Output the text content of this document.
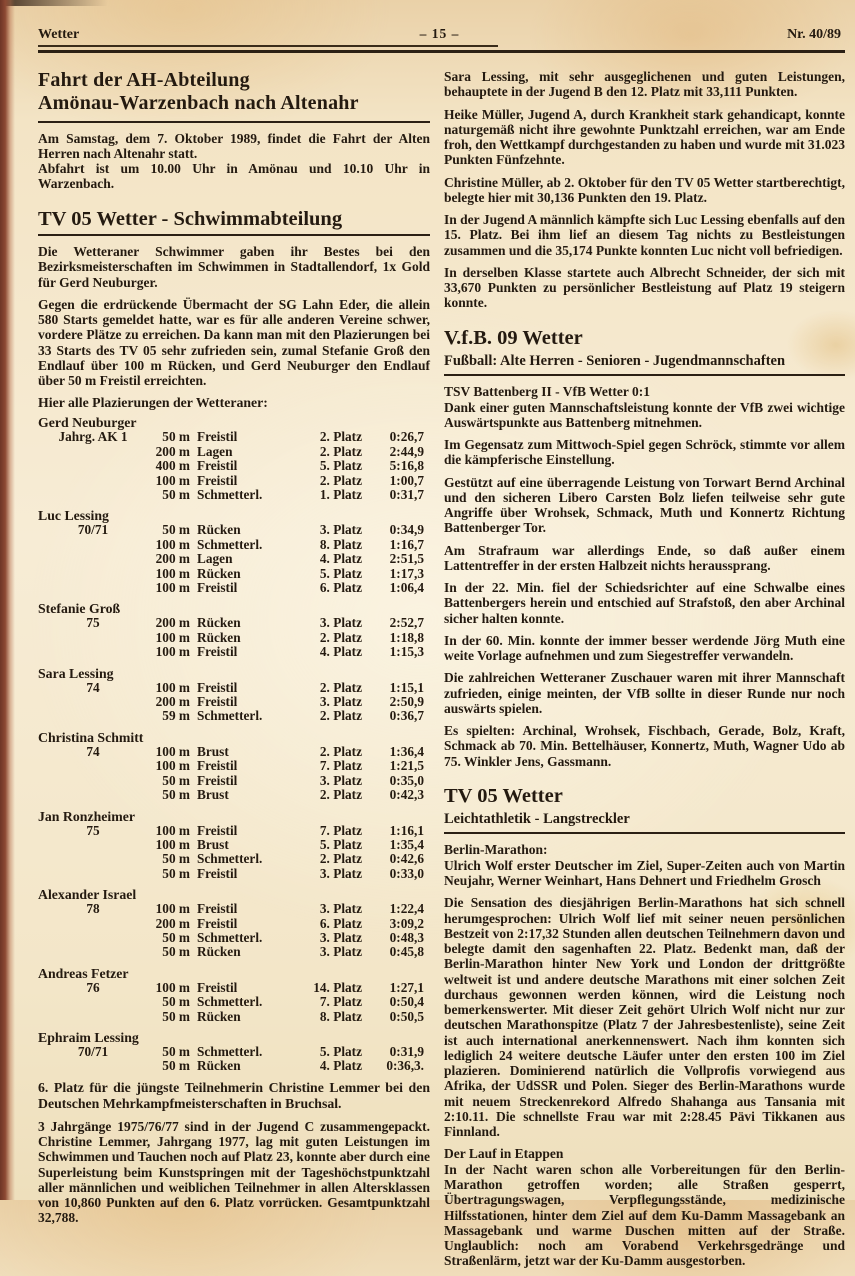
Wetter	– 15 –	Nr. 40/89
Fahrt der AH-Abteilung
Amönau-Warzenbach nach Altenahr

Am Samstag, dem 7. Oktober 1989, findet die Fahrt der Alten Herren nach Altenahr statt.

Abfahrt ist um 10.00 Uhr in Amönau und 10.10 Uhr in Warzenbach.

TV 05 Wetter - Schwimmabteilung

Die Wetteraner Schwimmer gaben ihr Bestes bei den Bezirksmeisterschaften im Schwimmen in Stadtallendorf, 1x Gold für Gerd Neuburger.

Gegen die erdrückende Übermacht der SG Lahn Eder, die allein 580 Starts gemeldet hatte, war es für alle anderen Vereine schwer, vordere Plätze zu erreichen. Da kann man mit den Plazierungen bei 33 Starts des TV 05 sehr zufrieden sein, zumal Stefanie Groß den Endlauf über 100 m Rücken, und Gerd Neuburger den Endlauf über 50 m Freistil erreichten.

Hier alle Plazierungen der Wetteraner:
Gerd Neuburger
Jahrg. AK 1	50 m Freistil	2. Platz	0:26,7
200 m Lagen	2. Platz	2:44,9
400 m Freistil	5. Platz	5:16,8
100 m Freistil	2. Platz	1:00,7
50 m Schmetterl.	1. Platz	0:31,7
Luc Lessing
70/71	50 m Rücken	3. Platz	0:34,9
100 m Schmetterl.	8. Platz	1:16,7
200 m Lagen	4. Platz	2:51,5
100 m Rücken	5. Platz	1:17,3
100 m Freistil	6. Platz	1:06,4
Stefanie Groß
75	200 m Rücken	3. Platz	2:52,7
100 m Rücken	2. Platz	1:18,8
100 m Freistil	4. Platz	1:15,3
Sara Lessing
74	100 m Freistil	2. Platz	1:15,1
200 m Freistil	3. Platz	2:50,9
59 m Schmetterl.	2. Platz	0:36,7
Christina Schmitt
74	100 m Brust	2. Platz	1:36,4
100 m Freistil	7. Platz	1:21,5
50 m Freistil	3. Platz	0:35,0
50 m Brust	2. Platz	0:42,3
Jan Ronzheimer
75	100 m Freistil	7. Platz	1:16,1
100 m Brust	5. Platz	1:35,4
50 m Schmetterl.	2. Platz	0:42,6
50 m Freistil	3. Platz	0:33,0
Alexander Israel
78	100 m Freistil	3. Platz	1:22,4
200 m Freistil	6. Platz	3:09,2
50 m Schmetterl.	3. Platz	0:48,3
50 m Rücken	3. Platz	0:45,8
Andreas Fetzer
76	100 m Freistil	14. Platz	1:27,1
50 m Schmetterl.	7. Platz	0:50,4
50 m Rücken	8. Platz	0:50,5
Ephraim Lessing
70/71	50 m Schmetterl.	5. Platz	0:31,9
50 m Rücken	4. Platz	0:36,3.
6. Platz für die jüngste Teilnehmerin Christine Lemmer bei den Deutschen Mehrkampfmeisterschaften in Bruchsal.

3 Jahrgänge 1975/76/77 sind in der Jugend C zusammengepackt. Christine Lemmer, Jahrgang 1977, lag mit guten Leistungen im Schwimmen und Tauchen noch auf Platz 23, konnte aber durch eine Superleistung beim Kunstspringen mit der Tageshöchstpunktzahl aller männlichen und weiblichen Teilnehmer in allen Altersklassen von 10,860 Punkten auf den 6. Platz vorrücken. Gesamtpunktzahl 32,788.

Sara Lessing, mit sehr ausgeglichenen und guten Leistungen, behauptete in der Jugend B den 12. Platz mit 33,111 Punkten.

Heike Müller, Jugend A, durch Krankheit stark gehandicapt, konnte naturgemäß nicht ihre gewohnte Punktzahl erreichen, war am Ende froh, den Wettkampf durchgestanden zu haben und wurde mit 31.023 Punkten Fünfzehnte.

Christine Müller, ab 2. Oktober für den TV 05 Wetter startberechtigt, belegte hier mit 30,136 Punkten den 19. Platz.

In der Jugend A männlich kämpfte sich Luc Lessing ebenfalls auf den 15. Platz. Bei ihm lief an diesem Tag nichts zu Bestleistungen zusammen und die 35,174 Punkte konnten Luc nicht voll befriedigen.

In derselben Klasse startete auch Albrecht Schneider, der sich mit 33,670 Punkten zu persönlicher Bestleistung auf Platz 19 steigern konnte.

V.f.B. 09 Wetter
Fußball: Alte Herren - Senioren - Jugendmannschaften
TSV Battenberg II - VfB Wetter 0:1

Dank einer guten Mannschaftsleistung konnte der VfB zwei wichtige Auswärtspunkte aus Battenberg mitnehmen.

Im Gegensatz zum Mittwoch-Spiel gegen Schröck, stimmte vor allem die kämpferische Einstellung.

Gestützt auf eine überragende Leistung von Torwart Bernd Archinal und den sicheren Libero Carsten Bolz liefen teilweise sehr gute Angriffe über Wrohsek, Schmack, Muth und Konnertz Richtung Battenberger Tor.

Am Strafraum war allerdings Ende, so daß außer einem Lattentreffer in der ersten Halbzeit nichts heraussprang.

In der 22. Min. fiel der Schiedsrichter auf eine Schwalbe eines Battenbergers herein und entschied auf Strafstoß, den aber Archinal sicher halten konnte.

In der 60. Min. konnte der immer besser werdende Jörg Muth eine weite Vorlage aufnehmen und zum Siegestreffer verwandeln.

Die zahlreichen Wetteraner Zuschauer waren mit ihrer Mannschaft zufrieden, einige meinten, der VfB sollte in dieser Runde nur noch auswärts spielen.

Es spielten: Archinal, Wrohsek, Fischbach, Gerade, Bolz, Kraft, Schmack ab 70. Min. Bettelhäuser, Konnertz, Muth, Wagner Udo ab 75. Winkler Jens, Gassmann.

TV 05 Wetter
Leichtathletik - Langstreckler
Berlin-Marathon:

Ulrich Wolf erster Deutscher im Ziel, Super-Zeiten auch von Martin Neujahr, Werner Weinhart, Hans Dehnert und Friedhelm Grosch

Die Sensation des diesjährigen Berlin-Marathons hat sich schnell herumgesprochen: Ulrich Wolf lief mit seiner neuen persönlichen Bestzeit von 2:17,32 Stunden allen deutschen Teilnehmern davon und belegte damit den sagenhaften 22. Platz. Bedenkt man, daß der Berlin-Marathon hinter New York und London der drittgrößte weltweit ist und andere deutsche Marathons mit einer solchen Zeit durchaus gewonnen werden können, wird die Leistung noch bemerkenswerter. Mit dieser Zeit gehört Ulrich Wolf nicht nur zur deutschen Marathonspitze (Platz 7 der Jahresbestenliste), seine Zeit ist auch international anerkennenswert. Nach ihm konnten sich lediglich 24 weitere deutsche Läufer unter den ersten 100 im Ziel plazieren. Dominierend natürlich die Vollprofis vorwiegend aus Afrika, der UdSSR und Polen. Sieger des Berlin-Marathons wurde mit neuem Streckenrekord Alfredo Shahanga aus Tansania mit 2:10.11. Die schnellste Frau war mit 2:28.45 Pävi Tikkanen aus Finnland.

Der Lauf in Etappen

In der Nacht waren schon alle Vorbereitungen für den Berlin-Marathon getroffen worden; alle Straßen gesperrt, Übertragungswagen, Verpflegungsstände, medizinische Hilfsstationen, hinter dem Ziel auf dem Ku-Damm Massagebank an Massagebank und warme Duschen mitten auf der Straße. Unglaublich: noch am Vorabend Verkehrsgedränge und Straßenlärm, jetzt war der Ku-Damm ausgestorben.
